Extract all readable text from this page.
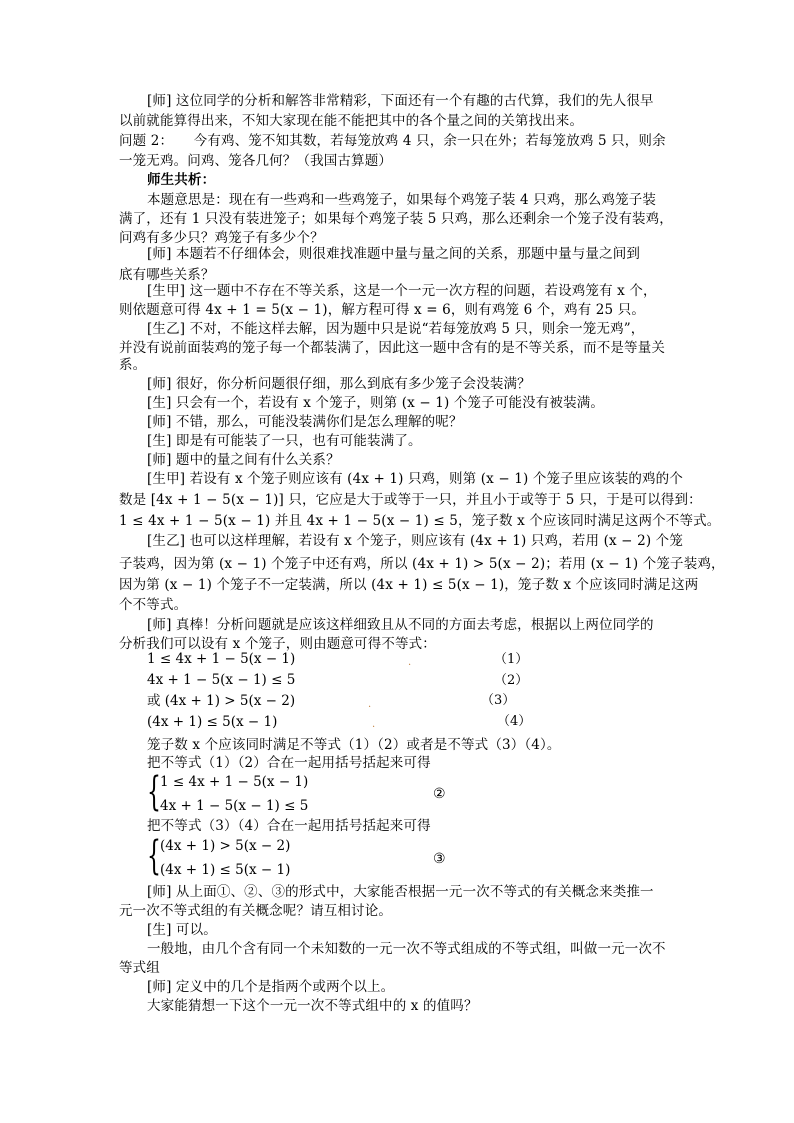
[师] 这位同学的分析和解答非常精彩，下面还有一个有趣的古代算，我们的先人很早
以前就能算得出来，不知大家现在能不能把其中的各个量之间的关第找出来。
问题 2：　　今有鸡、笼不知其数，若每笼放鸡 4 只，余一只在外；若每笼放鸡 5 只，则余
一笼无鸡。问鸡、笼各几何？（我国古算题）
师生共析：
本题意思是：现在有一些鸡和一些鸡笼子，如果每个鸡笼子装 4 只鸡，那么鸡笼子装
满了，还有 1 只没有装进笼子；如果每个鸡笼子装 5 只鸡，那么还剩余一个笼子没有装鸡，
问鸡有多少只？鸡笼子有多少个？
[师] 本题若不仔细体会，则很难找准题中量与量之间的关系，那题中量与量之间到
底有哪些关系？
[生甲] 这一题中不存在不等关系，这是一个一元一次方程的问题，若设鸡笼有 x 个，
则依题意可得 4x + 1 = 5(x − 1)，解方程可得 x = 6，则有鸡笼 6 个，鸡有 25 只。
[生乙] 不对，不能这样去解，因为题中只是说“若每笼放鸡 5 只，则余一笼无鸡”，
并没有说前面装鸡的笼子每一个都装满了，因此这一题中含有的是不等关系，而不是等量关
系。
[师] 很好，你分析问题很仔细，那么到底有多少笼子会没装满？
[生] 只会有一个，若设有 x 个笼子，则第 (x − 1) 个笼子可能没有被装满。
[师] 不错，那么，可能没装满你们是怎么理解的呢？
[生] 即是有可能装了一只，也有可能装满了。
[师] 题中的量之间有什么关系？
[生甲] 若设有 x 个笼子则应该有 (4x + 1) 只鸡，则第 (x − 1) 个笼子里应该装的鸡的个
数是 [4x + 1 − 5(x − 1)] 只，它应是大于或等于一只，并且小于或等于 5 只，于是可以得到：
1 ≤ 4x + 1 − 5(x − 1) 并且 4x + 1 − 5(x − 1) ≤ 5，笼子数 x 个应该同时满足这两个不等式。
[生乙] 也可以这样理解，若设有 x 个笼子，则应该有 (4x + 1) 只鸡，若用 (x − 2) 个笼
子装鸡，因为第 (x − 1) 个笼子中还有鸡，所以 (4x + 1) > 5(x − 2)；若用 (x − 1) 个笼子装鸡，
因为第 (x − 1) 个笼子不一定装满，所以 (4x + 1) ≤ 5(x − 1)，笼子数 x 个应该同时满足这两
个不等式。
[师] 真棒！分析问题就是应该这样细致且从不同的方面去考虑，根据以上两位同学的
分析我们可以设有 x 个笼子，则由题意可得不等式：
1 ≤ 4x + 1 − 5(x − 1)	（1）
.
4x + 1 − 5(x − 1) ≤ 5	（2）
或 (4x + 1) > 5(x − 2)	（3）
.
(4x + 1) ≤ 5(x − 1)	（4）
.
笼子数 x 个应该同时满足不等式（1）（2）或者是不等式（3）（4）。
把不等式（1）（2）合在一起用括号括起来可得
{ 1 ≤ 4x + 1 − 5(x − 1)
4x + 1 − 5(x − 1) ≤ 5
②
把不等式（3）（4）合在一起用括号括起来可得
{ (4x + 1) > 5(x − 2)
(4x + 1) ≤ 5(x − 1)
③
[师] 从上面①、②、③的形式中，大家能否根据一元一次不等式的有关概念来类推一
元一次不等式组的有关概念呢？请互相讨论。
[生] 可以。
一般地，由几个含有同一个未知数的一元一次不等式组成的不等式组，叫做一元一次不
等式组
[师] 定义中的几个是指两个或两个以上。
大家能猜想一下这个一元一次不等式组中的 x 的值吗？
